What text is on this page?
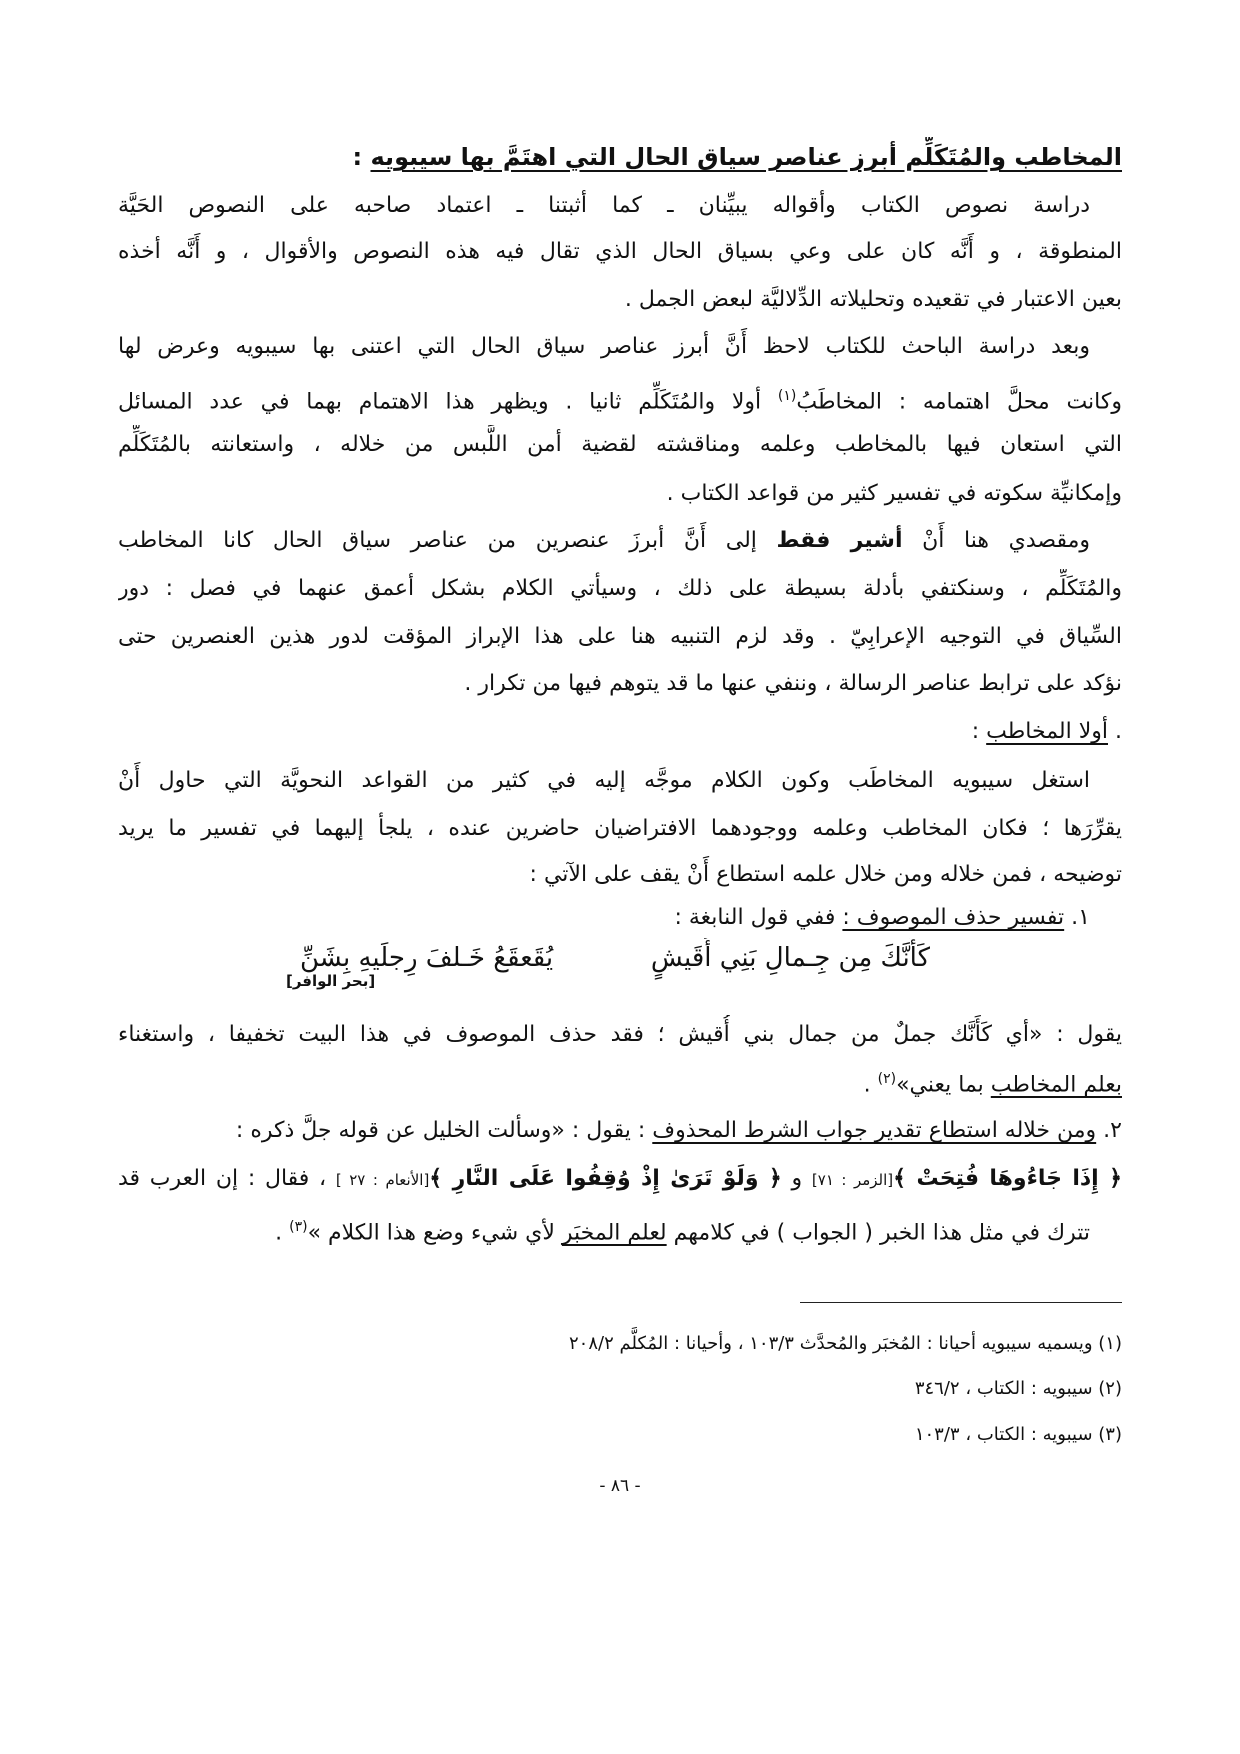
المخاطب والمُتَكَلِّم أبرز عناصر سياق الحال التي اهتَمَّ بها سيبويه :
دراسة نصوص الكتاب وأقواله يبيِّنان ـ كما أثبتنا ـ اعتماد صاحبه على النصوص الحَيَّة
المنطوقة ، و أَنَّه كان على وعي بسياق الحال الذي تقال فيه هذه النصوص والأقوال ، و أَنَّه أخذه
بعين الاعتبار في تقعيده وتحليلاته الدِّلاليَّة لبعض الجمل .
وبعد دراسة الباحث للكتاب لاحظ أَنَّ أبرز عناصر سياق الحال التي اعتنى بها سيبويه وعرض لها
وكانت محلَّ اهتمامه : المخاطَبُ$^{(١)}$ أولا والمُتَكَلِّم ثانيا . ويظهر هذا الاهتمام بهما في عدد المسائل
التي استعان فيها بالمخاطب وعلمه ومناقشته لقضية أمن اللَّبس من خلاله ، واستعانته بالمُتَكَلِّم
وإمكانيِّة سكوته في تفسير كثير من قواعد الكتاب .
ومقصدي هنا أَنْ أشير فقط إلى أَنَّ أبرزَ عنصرين من عناصر سياق الحال كانا المخاطب
والمُتَكَلِّم ، وسنكتفي بأدلة بسيطة على ذلك ، وسيأتي الكلام بشكل أعمق عنهما في فصل : دور
السِّياق في التوجيه الإعرابِيّ . وقد لزم التنبيه هنا على هذا الإبراز المؤقت لدور هذين العنصرين حتى
نؤكد على ترابط عناصر الرسالة ، وننفي عنها ما قد يتوهم فيها من تكرار .
. أولا المخاطب :
استغل سيبويه المخاطَب وكون الكلام موجَّه إليه في كثير من القواعد النحويَّة التي حاول أَنْ
يقرِّرَها ؛ فكان المخاطب وعلمه ووجودهما الافتراضيان حاضرين عنده ، يلجأ إليهما في تفسير ما يريد
توضيحه ، فمن خلاله ومن خلال علمه استطاع أَنْ يقف على الآتي :
١. تفسير حذف الموصوف : ففي قول النابغة :
كَأَنَّكَ مِن جِـمالِ بَنِي أُقَيشٍ
يُقَعقَعُ خَـلفَ رِجلَيهِ بِشَنِّ
[بحر الوافر]
يقول : «أي كَأَنَّك جملٌ من جمال بني أُقيش ؛ فقد حذف الموصوف في هذا البيت تخفيفا ، واستغناء
بعلم المخاطب بما يعني»$^{(٢)}$ .
٢. ومن خلاله استطاع تقدير جواب الشرط المحذوف : يقول : «وسألت الخليل عن قوله جلَّ ذكره :
﴿ إِذَا جَاءُوهَا فُتِحَتْ ﴾[الزمر : ٧١] و ﴿ وَلَوْ تَرَىٰ إِذْ وُقِفُوا عَلَى النَّارِ ﴾[الأنعام : ٢٧ ] ، فقال : إن العرب قد
تترك في مثل هذا الخبر ( الجواب ) في كلامهم لعلم المخبَر لأي شيء وضع هذا الكلام »$^{(٣)}$ .
(١) ويسميه سيبويه أحيانا : المُخبَر والمُحدَّث ١٠٣/٣ ، وأحيانا : المُكلَّم ٢٠٨/٢
(٢) سيبويه : الكتاب ، ٣٤٦/٢
(٣) سيبويه : الكتاب ، ١٠٣/٣
- ٨٦ -
